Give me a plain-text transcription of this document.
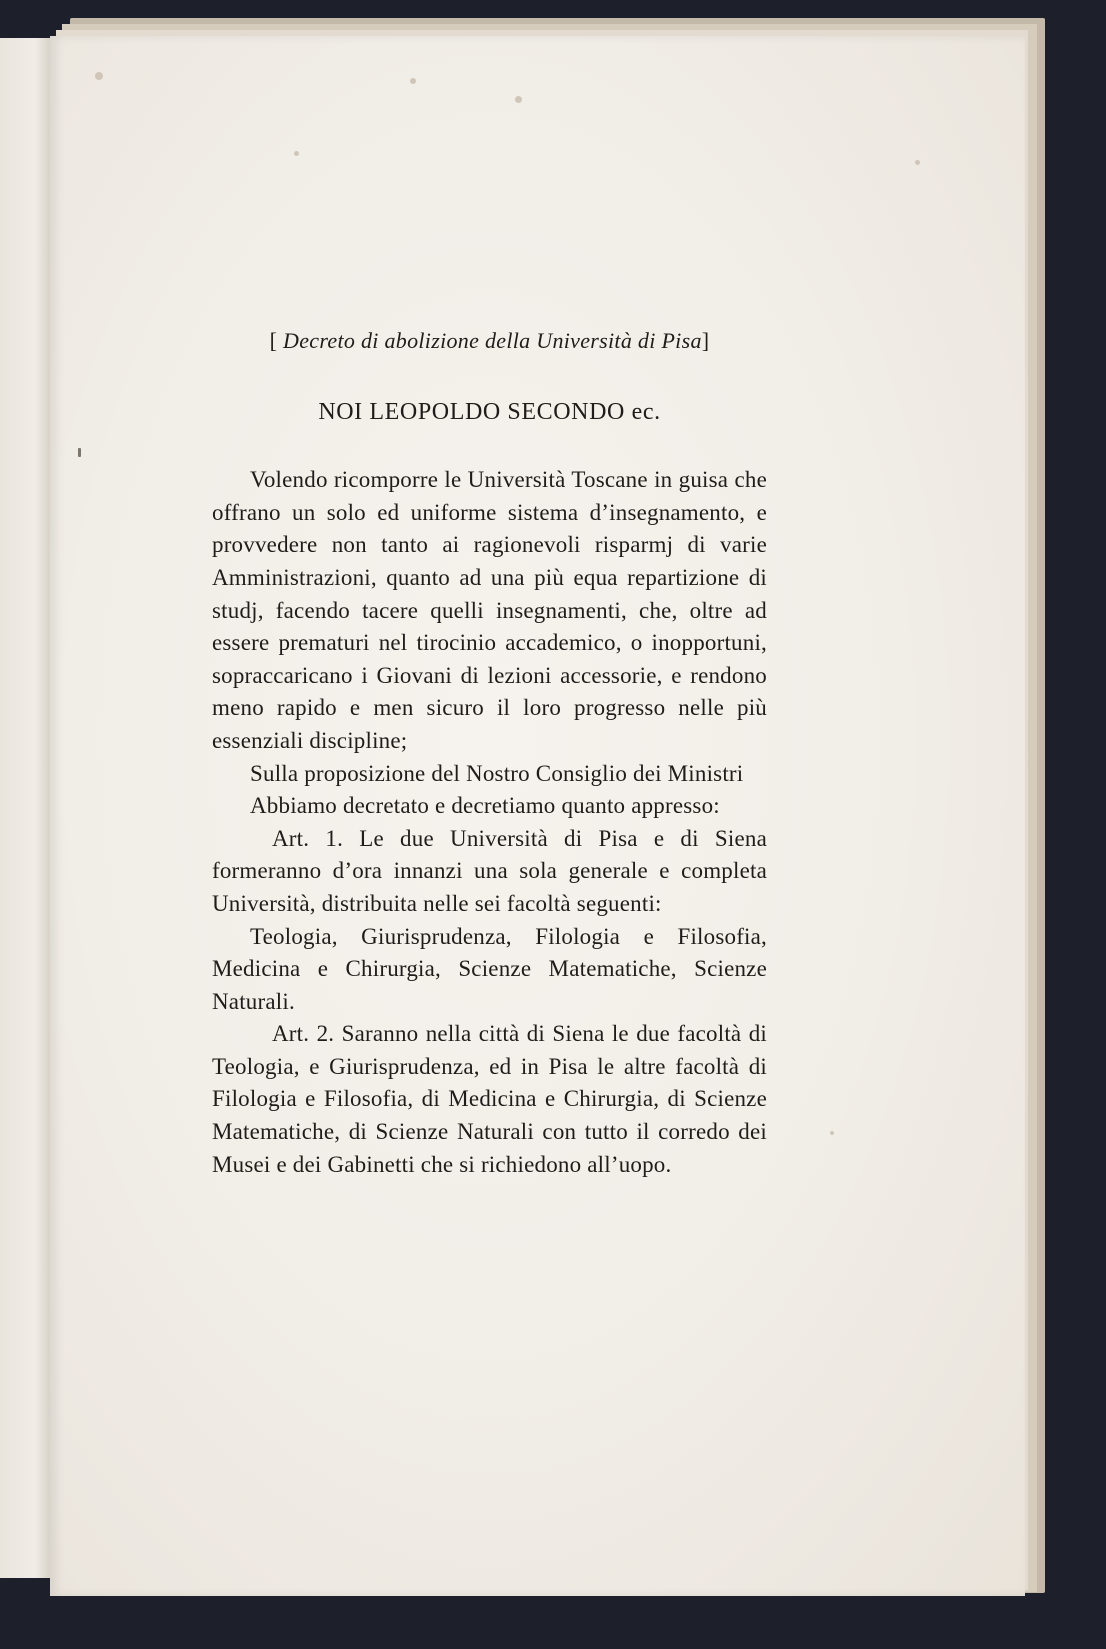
[ Decreto di abolizione della Università di Pisa]

NOI LEOPOLDO SECONDO ec.

Volendo ricomporre le Università Toscane in guisa che offrano un solo ed uniforme sistema d’insegnamento, e provvedere non tanto ai ragionevoli risparmj di varie Amministrazioni, quanto ad una più equa repartizione di studj, facendo tacere quelli insegnamenti, che, oltre ad essere prematuri nel tirocinio accademico, o inopportuni, sopraccaricano i Giovani di lezioni accessorie, e rendono meno rapido e men sicuro il loro progresso nelle più essenziali discipline;

Sulla proposizione del Nostro Consiglio dei Ministri

Abbiamo decretato e decretiamo quanto appresso:

Art. 1. Le due Università di Pisa e di Siena formeranno d’ora innanzi una sola generale e completa Università, distribuita nelle sei facoltà seguenti:

Teologia, Giurisprudenza, Filologia e Filosofia, Medicina e Chirurgia, Scienze Matematiche, Scienze Naturali.

Art. 2. Saranno nella città di Siena le due facoltà di Teologia, e Giurisprudenza, ed in Pisa le altre facoltà di Filologia e Filosofia, di Medicina e Chirurgia, di Scienze Matematiche, di Scienze Naturali con tutto il corredo dei Musei e dei Gabinetti che si richiedono all’uopo.
